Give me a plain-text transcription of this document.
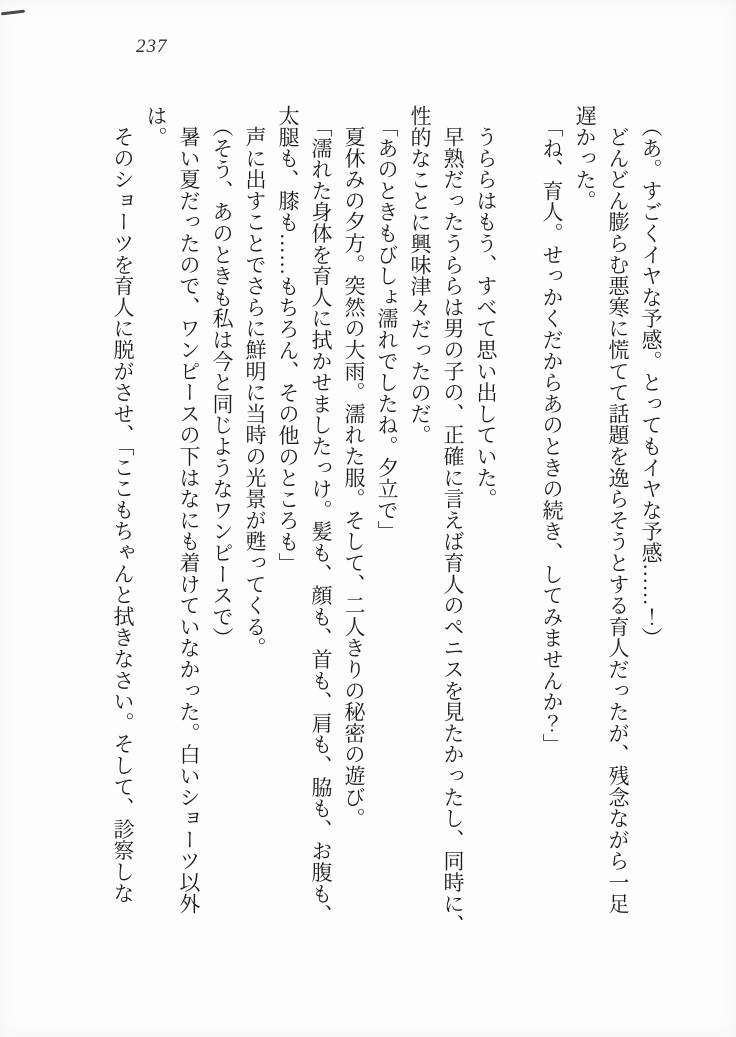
237

（あ。すごくイヤな予感。とってもイヤな予感……！）

どんどん膨らむ悪寒に慌てて話題を逸らそうとする育人だったが、残念ながら一足

遅かった。

「ね、育人。せっかくだからあのときの続き、してみませんか？」

うららはもう、すべて思い出していた。

早熟だったうららは男の子の、正確に言えば育人のペニスを見たかったし、同時に、

性的なことに興味津々だったのだ。

「あのときもびしょ濡れでしたね。夕立で」

夏休みの夕方。突然の大雨。濡れた服。そして、二人きりの秘密の遊び。

「濡れた身体を育人に拭かせましたっけ。髪も、顔も、首も、肩も、脇も、お腹も、

太腿も、膝も……もちろん、その他のところも」

声に出すことでさらに鮮明に当時の光景が甦ってくる。

（そう、あのときも私は今と同じようなワンピースで）

暑い夏だったので、ワンピースの下はなにも着けていなかった。白いショーツ以外

は。

そのショーツを育人に脱がさせ、「ここもちゃんと拭きなさい。そして、診察しな
